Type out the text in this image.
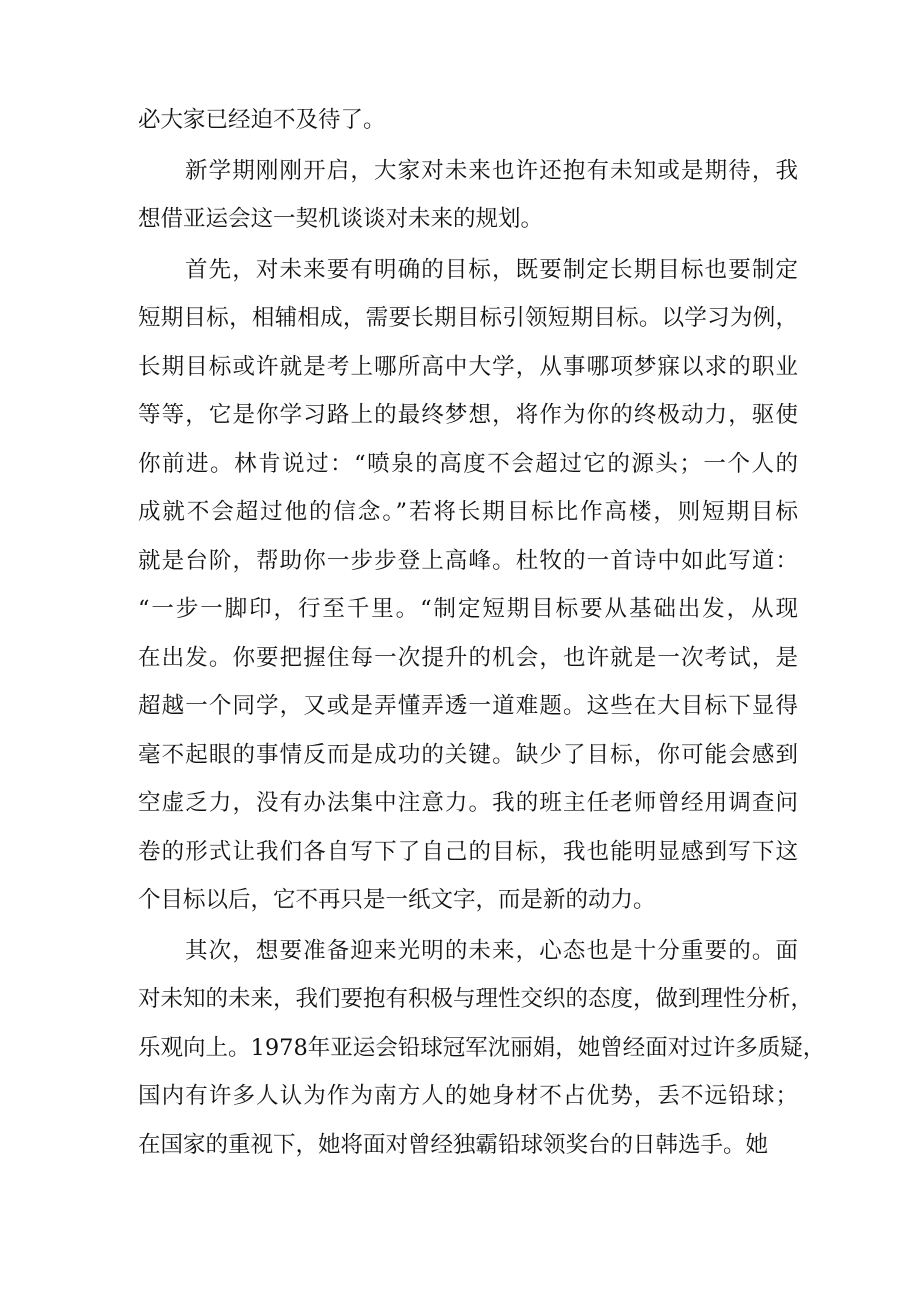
必大家已经迫不及待了。
新学期刚刚开启，大家对未来也许还抱有未知或是期待，我
想借亚运会这一契机谈谈对未来的规划。
首先，对未来要有明确的目标，既要制定长期目标也要制定
短期目标，相辅相成，需要长期目标引领短期目标。以学习为例，
长期目标或许就是考上哪所高中大学，从事哪项梦寐以求的职业
等等，它是你学习路上的最终梦想，将作为你的终极动力，驱使
你前进。林肯说过：“喷泉的高度不会超过它的源头；一个人的
成就不会超过他的信念。”若将长期目标比作高楼，则短期目标
就是台阶，帮助你一步步登上高峰。杜牧的一首诗中如此写道：
“一步一脚印，行至千里。“制定短期目标要从基础出发，从现
在出发。你要把握住每一次提升的机会，也许就是一次考试，是
超越一个同学，又或是弄懂弄透一道难题。这些在大目标下显得
毫不起眼的事情反而是成功的关键。缺少了目标，你可能会感到
空虚乏力，没有办法集中注意力。我的班主任老师曾经用调查问
卷的形式让我们各自写下了自己的目标，我也能明显感到写下这
个目标以后，它不再只是一纸文字，而是新的动力。
其次，想要准备迎来光明的未来，心态也是十分重要的。面
对未知的未来，我们要抱有积极与理性交织的态度，做到理性分析，
乐观向上。1978年亚运会铅球冠军沈丽娟，她曾经面对过许多质疑，
国内有许多人认为作为南方人的她身材不占优势，丢不远铅球；
在国家的重视下，她将面对曾经独霸铅球领奖台的日韩选手。她
